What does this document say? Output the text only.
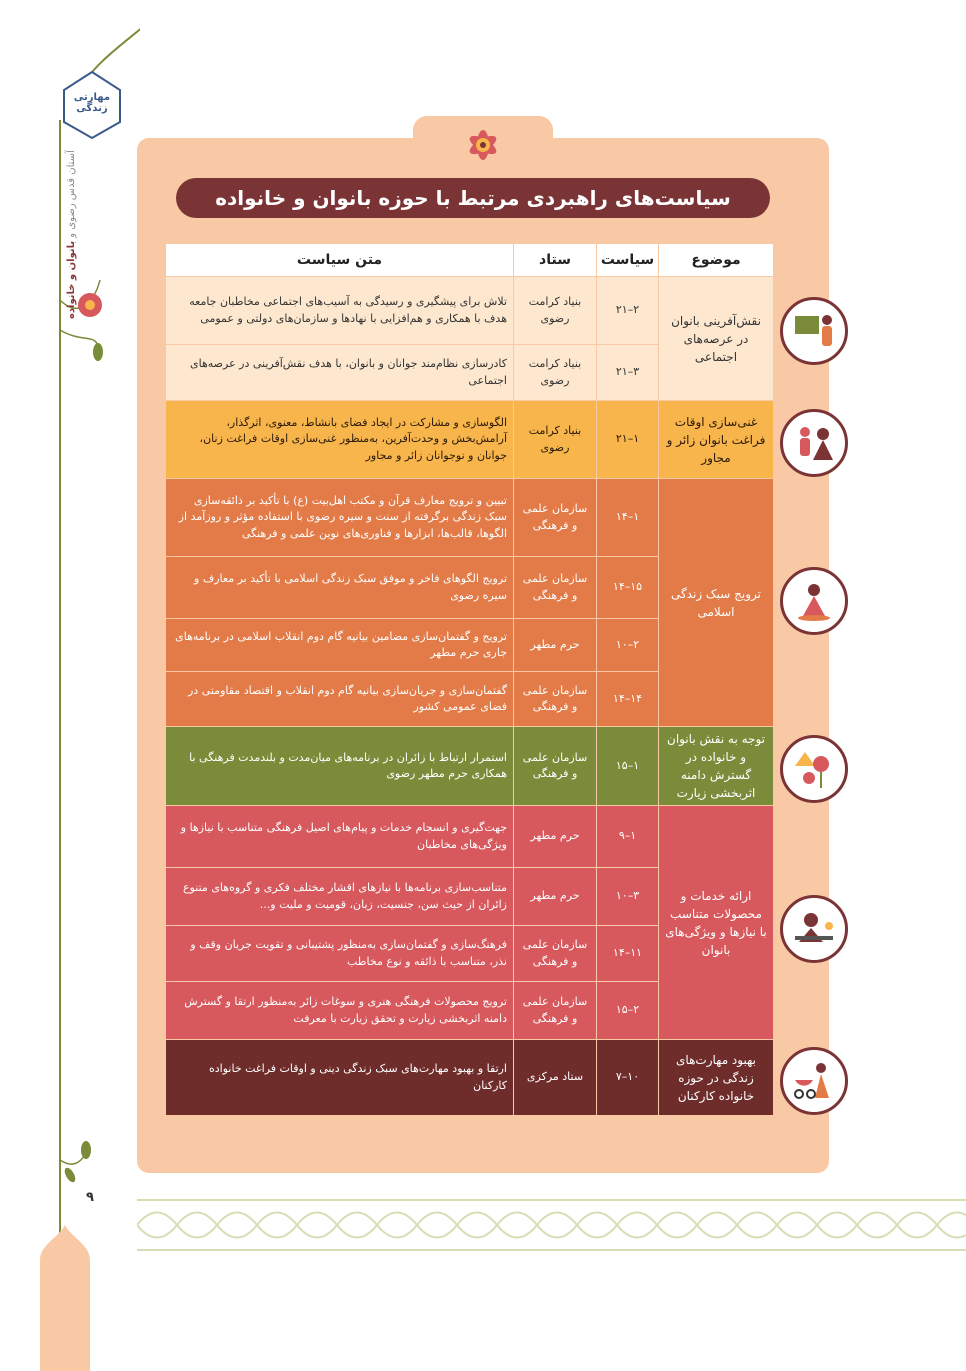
مهارتی زندگی
آستان قدس رضوی و بانوان و خانواده
۹
سیاست‌های راهبردی مرتبط با حوزه بانوان و خانواده
موضوع	سیاست	ستاد	متن سیاست
نقش‌آفرینی بانوان در عرصه‌های اجتماعی	۲–۲۱	بنیاد کرامت رضوی	تلاش برای پیشگیری و رسیدگی به آسیب‌های اجتماعی مخاطبان جامعه هدف با همکاری و هم‌افزایی با نهادها و سازمان‌های دولتی و عمومی
	۳–۲۱	بنیاد کرامت رضوی	کادرسازی نظام‌مند جوانان و بانوان، با هدف نقش‌آفرینی در عرصه‌های اجتماعی
غنی‌سازی اوقات فراغت بانوان زائر و مجاور	۱–۲۱	بنیاد کرامت رضوی	الگوسازی و مشارکت در ایجاد فضای بانشاط، معنوی، اثرگذار، آرامش‌بخش و وحدت‌آفرین، به‌منظور غنی‌سازی اوقات فراغت زنان، جوانان و نوجوانان زائر و مجاور
ترویج سبک زندگی اسلامی	۱–۱۴	سازمان علمی و فرهنگی	تبیین و ترویج معارف قرآن و مکتب اهل‌بیت (ع) با تأکید بر ذائقه‌سازی سبک زندگی برگرفته از سنت و سیره رضوی با استفاده مؤثر و روزآمد از الگوها، قالب‌ها، ابزارها و فناوری‌های نوین علمی و فرهنگی
	۱۵–۱۴	سازمان علمی و فرهنگی	ترویج الگوهای فاخر و موفق سبک زندگی اسلامی با تأکید بر معارف و سیره رضوی
	۲–۱۰	حرم مطهر	ترویج و گفتمان‌سازی مضامین بیانیه گام دوم انقلاب اسلامی در برنامه‌های جاری حرم مطهر
	۱۴–۱۴	سازمان علمی و فرهنگی	گفتمان‌سازی و جریان‌سازی بیانیه گام دوم انقلاب و اقتصاد مقاومتی در فضای عمومی کشور
توجه به نقش بانوان و خانواده در گسترش دامنه اثربخشی زیارت	۱–۱۵	سازمان علمی و فرهنگی	استمرار ارتباط با زائران در برنامه‌های میان‌مدت و بلندمدت فرهنگی با همکاری حرم مطهر رضوی
ارائه خدمات و محصولات متناسب با نیازها و ویژگی‌های بانوان	۱–۹	حرم مطهر	جهت‌گیری و انسجام خدمات و پیام‌های اصیل فرهنگی متناسب با نیازها و ویژگی‌های مخاطبان
	۳–۱۰	حرم مطهر	متناسب‌سازی برنامه‌ها با نیازهای اقشار مختلف فکری و گروه‌های متنوع زائران از حیث سن، جنسیت، زبان، قومیت و ملیت و...
	۱۱–۱۴	سازمان علمی و فرهنگی	فرهنگ‌سازی و گفتمان‌سازی به‌منظور پشتیبانی و تقویت جریان وقف و نذر، متناسب با ذائقه و نوع مخاطب
	۲–۱۵	سازمان علمی و فرهنگی	ترویج محصولات فرهنگی هنری و سوغات زائر به‌منظور ارتقا و گسترش دامنه اثربخشی زیارت و تحقق زیارت با معرفت
بهبود مهارت‌های زندگی در حوزه خانواده کارکنان	۱۰–۷	ستاد مرکزی	ارتقا و بهبود مهارت‌های سبک زندگی دینی و اوقات فراغت خانواده کارکنان
